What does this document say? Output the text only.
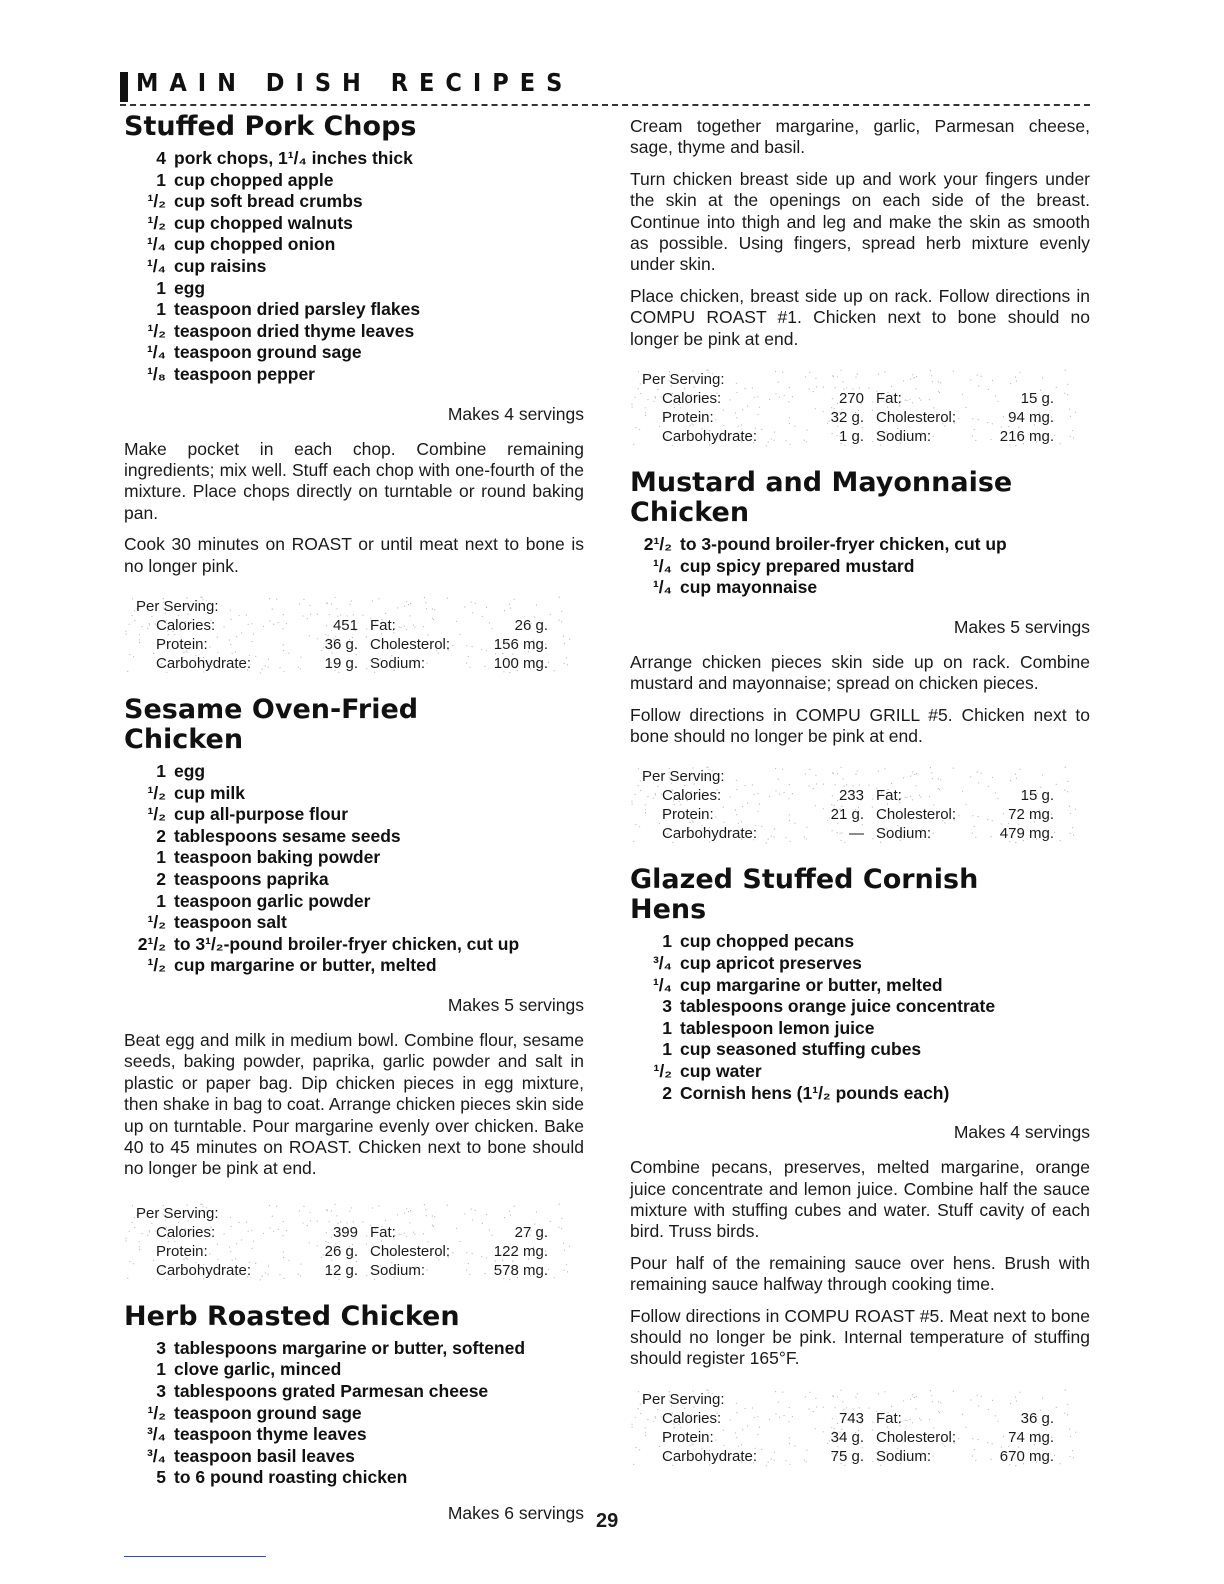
MAIN DISH RECIPES
Stuffed Pork Chops
4 pork chops, 1¹/₄ inches thick
1 cup chopped apple
¹/₂ cup soft bread crumbs
¹/₂ cup chopped walnuts
¹/₄ cup chopped onion
¹/₄ cup raisins
1 egg
1 teaspoon dried parsley flakes
¹/₂ teaspoon dried thyme leaves
¹/₄ teaspoon ground sage
¹/₈ teaspoon pepper
Makes 4 servings

Make pocket in each chop. Combine remaining ingredients; mix well. Stuff each chop with one-fourth of the mixture. Place chops directly on turntable or round baking pan.

Cook 30 minutes on ROAST or until meat next to bone is no longer pink.

Per Serving:
Calories:	451 Fat:	26 g.
Protein:	36 g. Cholesterol:	156 mg.
Carbohydrate:	19 g. Sodium:	100 mg.
Sesame Oven-Fried
Chicken
1 egg
¹/₂ cup milk
¹/₂ cup all-purpose flour
2 tablespoons sesame seeds
1 teaspoon baking powder
2 teaspoons paprika
1 teaspoon garlic powder
¹/₂ teaspoon salt
2¹/₂ to 3¹/₂-pound broiler-fryer chicken, cut up
¹/₂ cup margarine or butter, melted
Makes 5 servings

Beat egg and milk in medium bowl. Combine flour, sesame seeds, baking powder, paprika, garlic powder and salt in plastic or paper bag. Dip chicken pieces in egg mixture, then shake in bag to coat. Arrange chicken pieces skin side up on turntable. Pour margarine evenly over chicken. Bake 40 to 45 minutes on ROAST. Chicken next to bone should no longer be pink at end.

Per Serving:
Calories:	399 Fat:	27 g.
Protein:	26 g. Cholesterol:	122 mg.
Carbohydrate:	12 g. Sodium:	578 mg.
Herb Roasted Chicken
3 tablespoons margarine or butter, softened
1 clove garlic, minced
3 tablespoons grated Parmesan cheese
¹/₂ teaspoon ground sage
³/₄ teaspoon thyme leaves
³/₄ teaspoon basil leaves
5 to 6 pound roasting chicken
Makes 6 servings

Cream together margarine, garlic, Parmesan cheese, sage, thyme and basil.

Turn chicken breast side up and work your fingers under the skin at the openings on each side of the breast. Continue into thigh and leg and make the skin as smooth as possible. Using fingers, spread herb mixture evenly under skin.

Place chicken, breast side up on rack. Follow directions in COMPU ROAST #1. Chicken next to bone should no longer be pink at end.

Per Serving:
Calories:	270 Fat:	15 g.
Protein:	32 g. Cholesterol:	94 mg.
Carbohydrate:	1 g. Sodium:	216 mg.
Mustard and Mayonnaise
Chicken
2¹/₂ to 3-pound broiler-fryer chicken, cut up
¹/₄ cup spicy prepared mustard
¹/₄ cup mayonnaise
Makes 5 servings

Arrange chicken pieces skin side up on rack. Combine mustard and mayonnaise; spread on chicken pieces.

Follow directions in COMPU GRILL #5. Chicken next to bone should no longer be pink at end.

Per Serving:
Calories:	233 Fat:	15 g.
Protein:	21 g. Cholesterol:	72 mg.
Carbohydrate:	— Sodium:	479 mg.
Glazed Stuffed Cornish
Hens
1 cup chopped pecans
³/₄ cup apricot preserves
¹/₄ cup margarine or butter, melted
3 tablespoons orange juice concentrate
1 tablespoon lemon juice
1 cup seasoned stuffing cubes
¹/₂ cup water
2 Cornish hens (1¹/₂ pounds each)
Makes 4 servings

Combine pecans, preserves, melted margarine, orange juice concentrate and lemon juice. Combine half the sauce mixture with stuffing cubes and water. Stuff cavity of each bird. Truss birds.

Pour half of the remaining sauce over hens. Brush with remaining sauce halfway through cooking time.

Follow directions in COMPU ROAST #5. Meat next to bone should no longer be pink. Internal temperature of stuffing should register 165°F.

Per Serving:
Calories:	743 Fat:	36 g.
Protein:	34 g. Cholesterol:	74 mg.
Carbohydrate:	75 g. Sodium:	670 mg.
29
